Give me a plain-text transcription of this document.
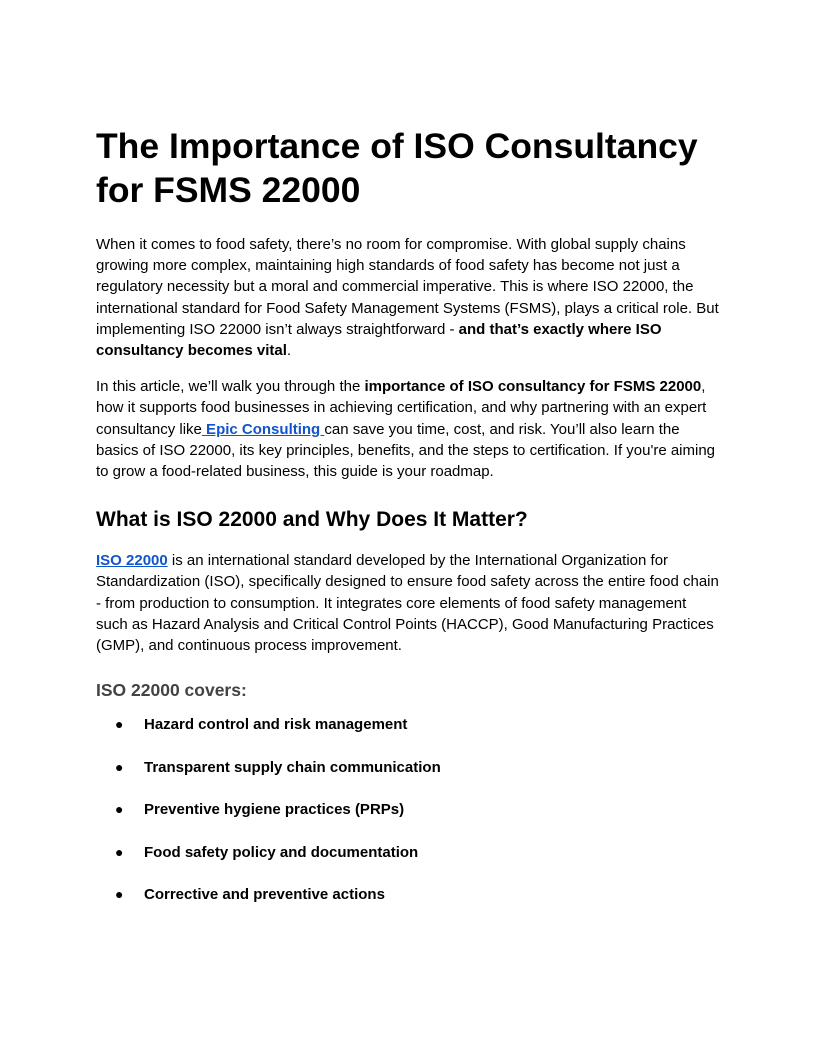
The Importance of ISO Consultancy for FSMS 22000

When it comes to food safety, there’s no room for compromise. With global supply chains growing more complex, maintaining high standards of food safety has become not just a regulatory necessity but a moral and commercial imperative. This is where ISO 22000, the international standard for Food Safety Management Systems (FSMS), plays a critical role. But implementing ISO 22000 isn’t always straightforward - and that’s exactly where ISO consultancy becomes vital.

In this article, we’ll walk you through the importance of ISO consultancy for FSMS 22000, how it supports food businesses in achieving certification, and why partnering with an expert consultancy like Epic Consulting can save you time, cost, and risk. You’ll also learn the basics of ISO 22000, its key principles, benefits, and the steps to certification. If you're aiming to grow a food-related business, this guide is your roadmap.

What is ISO 22000 and Why Does It Matter?

ISO 22000 is an international standard developed by the International Organization for Standardization (ISO), specifically designed to ensure food safety across the entire food chain - from production to consumption. It integrates core elements of food safety management such as Hazard Analysis and Critical Control Points (HACCP), Good Manufacturing Practices (GMP), and continuous process improvement.

ISO 22000 covers:
● Hazard control and risk management
● Transparent supply chain communication
● Preventive hygiene practices (PRPs)
● Food safety policy and documentation
● Corrective and preventive actions
